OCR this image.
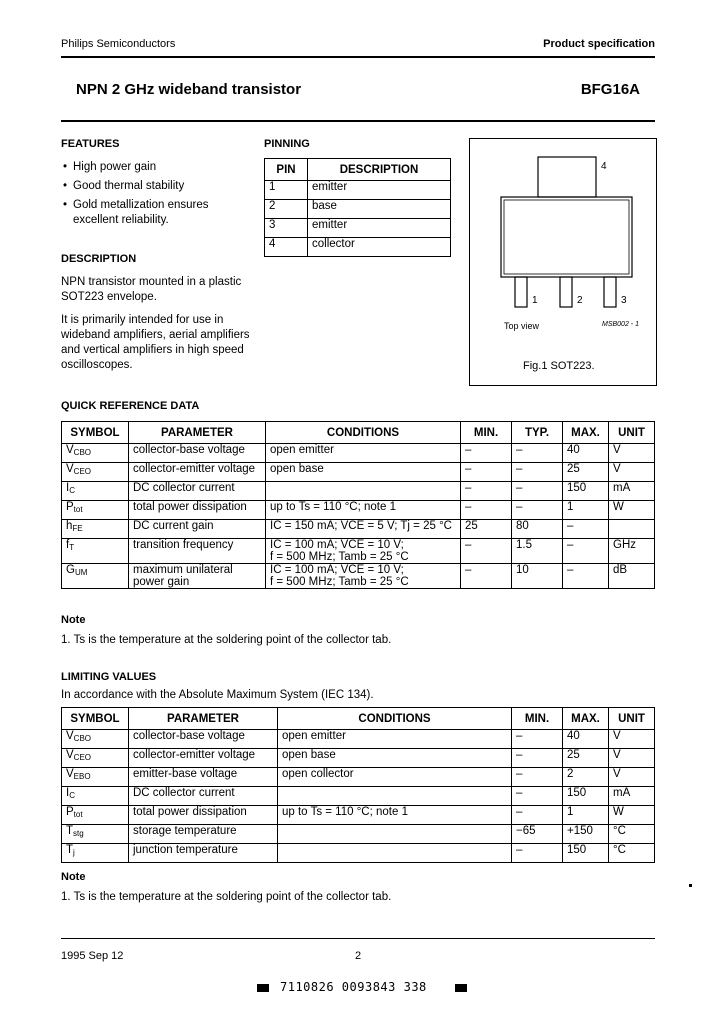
Philips Semiconductors	Product specification
NPN 2 GHz wideband transistor	BFG16A
FEATURES
• High power gain
• Good thermal stability
• Gold metallization ensures excellent reliability.
DESCRIPTION
NPN transistor mounted in a plastic SOT223 envelope.
It is primarily intended for use in wideband amplifiers, aerial amplifiers and vertical amplifiers in high speed oscilloscopes.
PINNING
PIN	DESCRIPTION
1	emitter
2	base
3	emitter
4	collector
4
1	2	3
Top view	MSB002 - 1
Fig.1 SOT223.
QUICK REFERENCE DATA
SYMBOL	PARAMETER	CONDITIONS	MIN.	TYP.	MAX.	UNIT
$V_{CBO}$	collector-base voltage	open emitter	–	–	40	V
$V_{CEO}$	collector-emitter voltage	open base	–	–	25	V
$I_C$	DC collector current		–	–	150	mA
$P_{tot}$	total power dissipation	up to Ts = 110 °C; note 1	–	–	1	W
$h_{FE}$	DC current gain	IC = 150 mA; VCE = 5 V; Tj = 25 °C	25	80	–	
$f_T$	transition frequency	IC = 100 mA; VCE = 10 V;
f = 500 MHz; Tamb = 25 °C	–	1.5	–	GHz
$G_{UM}$	maximum unilateral power gain	IC = 100 mA; VCE = 10 V;
f = 500 MHz; Tamb = 25 °C	–	10	–	dB
Note
1. Ts is the temperature at the soldering point of the collector tab.
LIMITING VALUES
In accordance with the Absolute Maximum System (IEC 134).
SYMBOL	PARAMETER	CONDITIONS	MIN.	MAX.	UNIT
$V_{CBO}$	collector-base voltage	open emitter	–	40	V
$V_{CEO}$	collector-emitter voltage	open base	–	25	V
$V_{EBO}$	emitter-base voltage	open collector	–	2	V
$I_C$	DC collector current		–	150	mA
$P_{tot}$	total power dissipation	up to Ts = 110 °C; note 1	–	1	W
$T_{stg}$	storage temperature		−65	+150	°C
$T_j$	junction temperature		–	150	°C
Note
1. Ts is the temperature at the soldering point of the collector tab.
1995 Sep 12	2
7110826 0093843 338
